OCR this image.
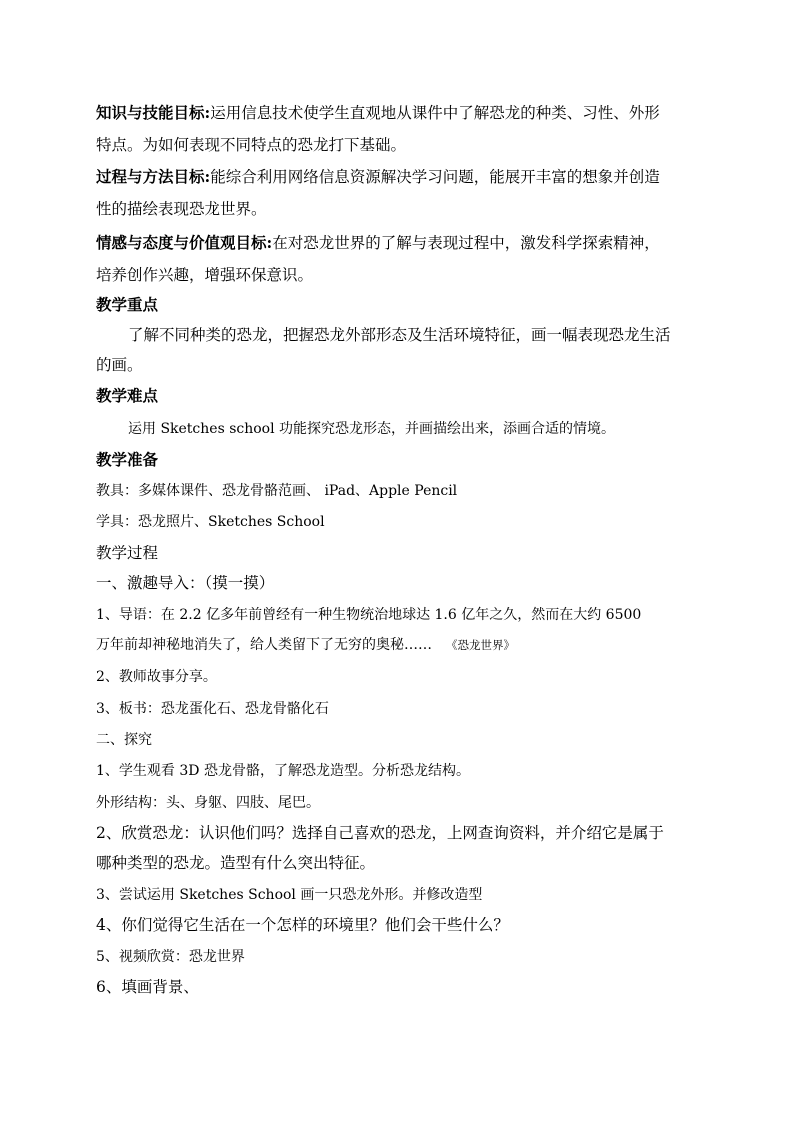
知识与技能目标:运用信息技术使学生直观地从课件中了解恐龙的种类、习性、外形
特点。为如何表现不同特点的恐龙打下基础。
过程与方法目标:能综合利用网络信息资源解决学习问题，能展开丰富的想象并创造
性的描绘表现恐龙世界。
情感与态度与价值观目标:在对恐龙世界的了解与表现过程中，激发科学探索精神，
培养创作兴趣，增强环保意识。
教学重点
了解不同种类的恐龙，把握恐龙外部形态及生活环境特征，画一幅表现恐龙生活
的画。
教学难点
运用 Sketches school 功能探究恐龙形态，并画描绘出来，添画合适的情境。
教学准备
教具：多媒体课件、恐龙骨骼范画、 iPad、Apple Pencil
学具：恐龙照片、Sketches School
教学过程
一、激趣导入：（摸一摸）
1、导语：在 2.2 亿多年前曾经有一种生物统治地球达 1.6 亿年之久，然而在大约 6500
万年前却神秘地消失了，给人类留下了无穷的奥秘…… 《恐龙世界》
2、教师故事分享。
3、板书：恐龙蛋化石、恐龙骨骼化石
二、探究
1、学生观看 3D 恐龙骨骼，了解恐龙造型。分析恐龙结构。
外形结构：头、身躯、四肢、尾巴。
2、欣赏恐龙：认识他们吗？选择自己喜欢的恐龙，上网查询资料，并介绍它是属于
哪种类型的恐龙。造型有什么突出特征。
3、尝试运用 Sketches School 画一只恐龙外形。并修改造型
4、你们觉得它生活在一个怎样的环境里？他们会干些什么？
5、视频欣赏：恐龙世界
6、填画背景、
